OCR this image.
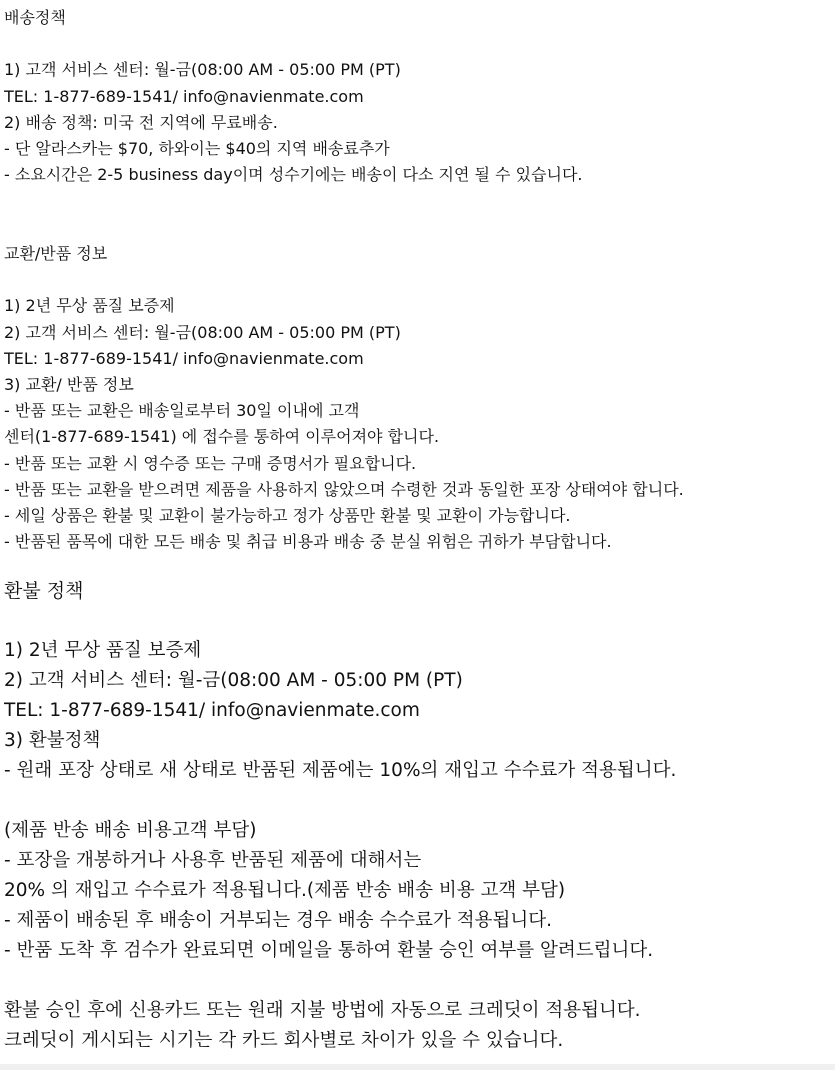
배송정책
1) 고객 서비스 센터: 월-금(08:00 AM - 05:00 PM (PT)
TEL: 1-877-689-1541/ info@navienmate.com
2) 배송 정책: 미국 전 지역에 무료배송.
- 단 알라스카는 $70, 하와이는 $40의 지역 배송료추가
- 소요시간은 2-5 business day이며 성수기에는 배송이 다소 지연 될 수 있습니다.
교환/반품 정보
1) 2년 무상 품질 보증제
2) 고객 서비스 센터: 월-금(08:00 AM - 05:00 PM (PT)
TEL: 1-877-689-1541/ info@navienmate.com
3) 교환/ 반품 정보
- 반품 또는 교환은 배송일로부터 30일 이내에 고객
센터(1-877-689-1541) 에 접수를 통하여 이루어져야 합니다.
- 반품 또는 교환 시 영수증 또는 구매 증명서가 필요합니다.
- 반품 또는 교환을 받으려면 제품을 사용하지 않았으며 수령한 것과 동일한 포장 상태여야 합니다.
- 세일 상품은 환불 및 교환이 불가능하고 정가 상품만 환불 및 교환이 가능합니다.
- 반품된 품목에 대한 모든 배송 및 취급 비용과 배송 중 분실 위험은 귀하가 부담합니다.
환불 정책
1) 2년 무상 품질 보증제
2) 고객 서비스 센터: 월-금(08:00 AM - 05:00 PM (PT)
TEL: 1-877-689-1541/ info@navienmate.com
3) 환불정책
- 원래 포장 상태로 새 상태로 반품된 제품에는 10%의 재입고 수수료가 적용됩니다.
(제품 반송 배송 비용고객 부담)
- 포장을 개봉하거나 사용후 반품된 제품에 대해서는
20% 의 재입고 수수료가 적용됩니다.(제품 반송 배송 비용 고객 부담)
- 제품이 배송된 후 배송이 거부되는 경우 배송 수수료가 적용됩니다.
- 반품 도착 후 검수가 완료되면 이메일을 통하여 환불 승인 여부를 알려드립니다.
환불 승인 후에 신용카드 또는 원래 지불 방법에 자동으로 크레딧이 적용됩니다.
크레딧이 게시되는 시기는 각 카드 회사별로 차이가 있을 수 있습니다.
